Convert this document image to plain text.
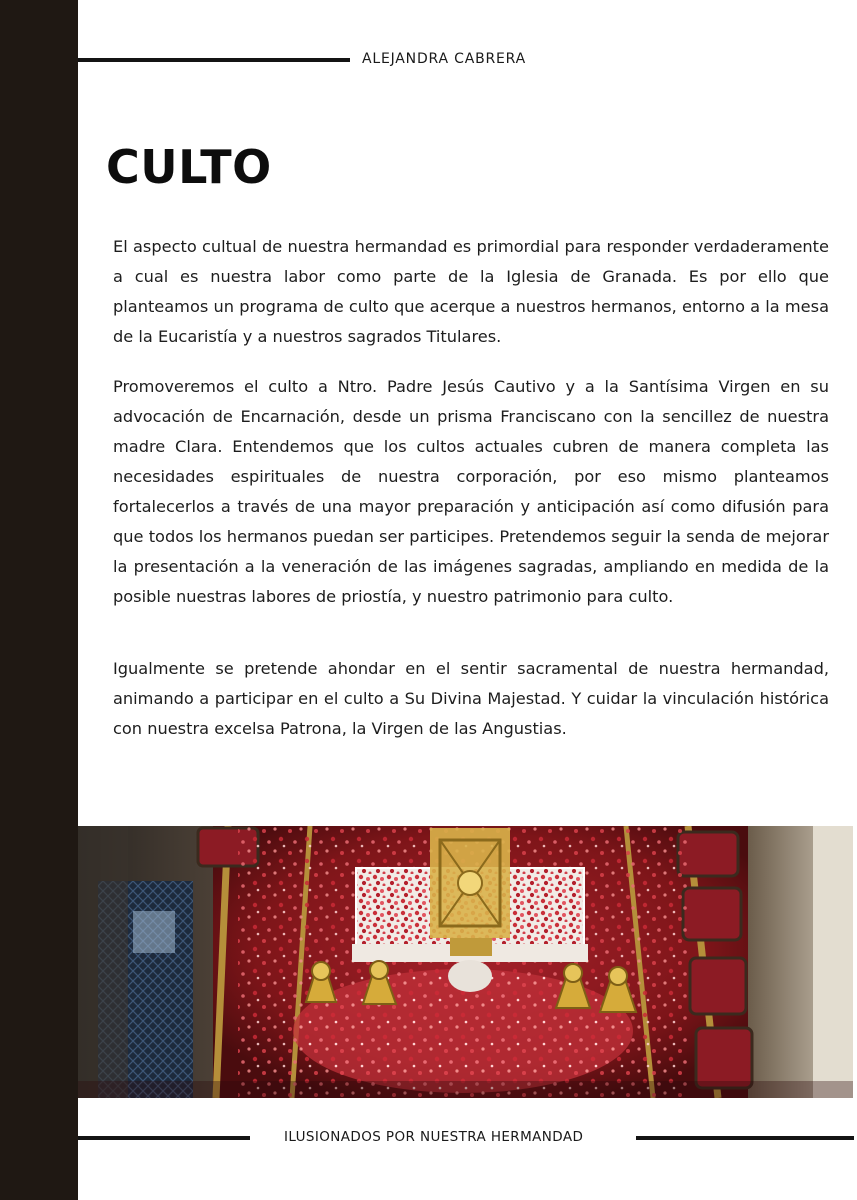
ALEJANDRA CABRERA
CULTO

El aspecto cultual de nuestra hermandad es primordial para responder verdaderamente a cual es nuestra labor como parte de la Iglesia de Granada. Es por ello que planteamos un programa de culto que acerque a nuestros hermanos, entorno a la mesa de la Eucaristía y a nuestros sagrados Titulares.

Promoveremos el culto a Ntro. Padre Jesús Cautivo y a la Santísima Virgen en su advocación de Encarnación, desde un prisma Franciscano con la sencillez de nuestra madre Clara. Entendemos que los cultos actuales cubren de manera completa las necesidades espirituales de nuestra corporación, por eso mismo planteamos fortalecerlos a través de una mayor preparación y anticipación así como difusión para que todos los hermanos puedan ser participes. Pretendemos seguir la senda de mejorar la presentación a la veneración de las imágenes sagradas, ampliando en medida de la posible nuestras labores de priostía, y nuestro patrimonio para culto.

Igualmente se pretende ahondar en el sentir sacramental de nuestra hermandad, animando a participar en el culto a Su Divina Majestad. Y cuidar la vinculación histórica con nuestra excelsa Patrona, la Virgen de las Angustias.

ILUSIONADOS POR NUESTRA HERMANDAD
